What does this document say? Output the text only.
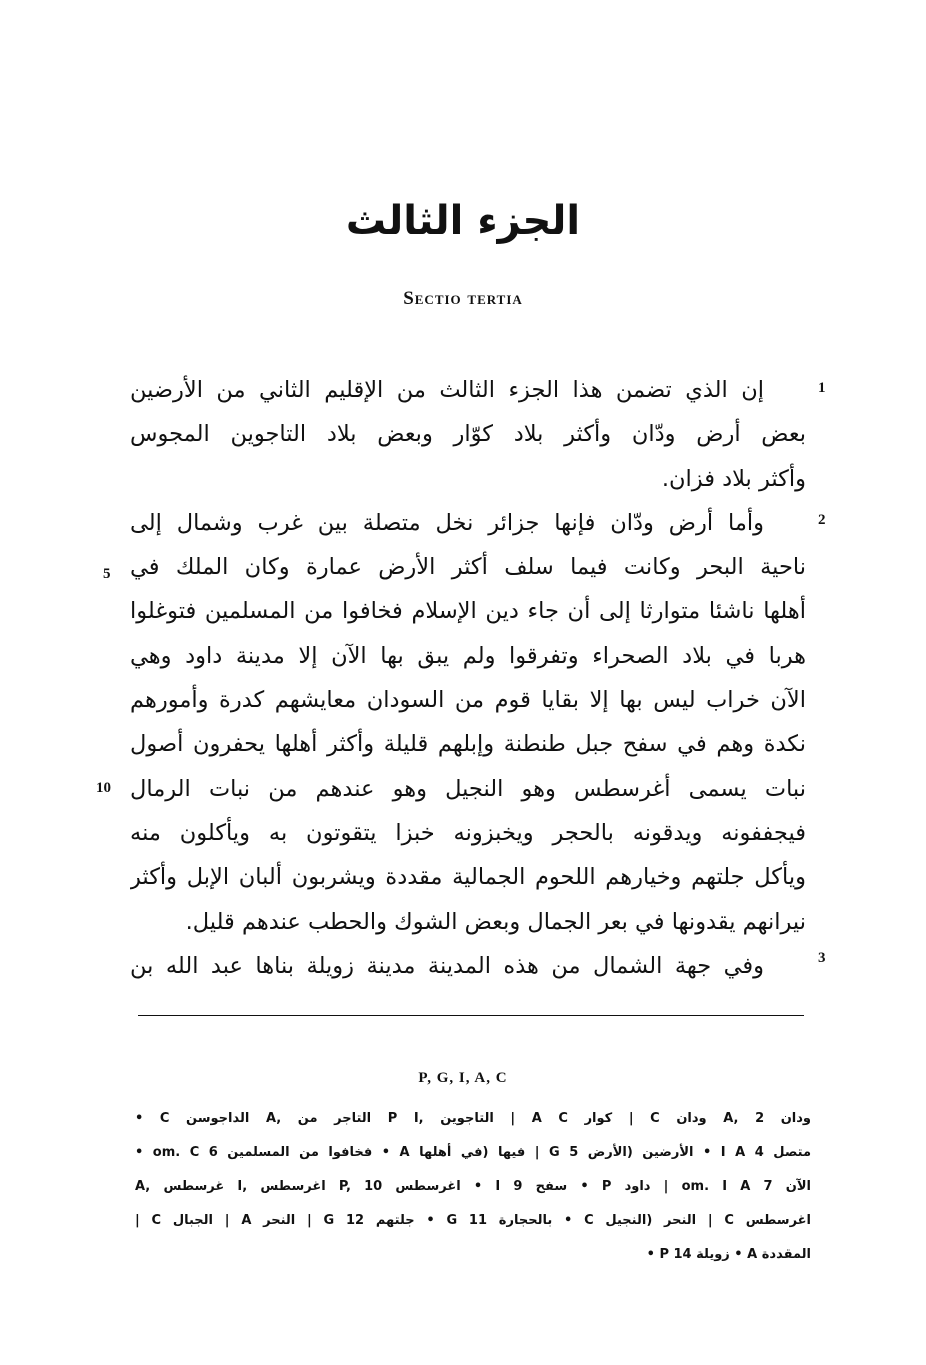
الجزء الثالث
Sectio tertia
إن الذي تضمن هذا الجزء الثالث من الإقليم الثاني من الأرضين
بعض أرض ودّان وأكثر بلاد كوّار وبعض بلاد التاجوين المجوس
وأكثر بلاد فزان.
وأما أرض ودّان فإنها جزائر نخل متصلة بين غرب وشمال إلى
ناحية البحر وكانت فيما سلف أكثر الأرض عمارة وكان الملك في
أهلها ناشئا متوارثا إلى أن جاء دين الإسلام فخافوا من المسلمين فتوغلوا
هربا في بلاد الصحراء وتفرقوا ولم يبق بها الآن إلا مدينة داود وهي
الآن خراب ليس بها إلا بقايا قوم من السودان معايشهم كدرة وأمورهم
نكدة وهم في سفح جبل طنطنة وإبلهم قليلة وأكثر أهلها يحفرون أصول
نبات يسمى أغرسطس وهو النجيل وهو عندهم من نبات الرمال
فيجففونه ويدقونه بالحجر ويخبزونه خبزا يتقوتون به ويأكلون منه
ويأكل جلتهم وخيارهم اللحوم الجمالية مقددة ويشربون ألبان الإبل وأكثر
نيرانهم يقدونها في بعر الجمال وبعض الشوك والحطب عندهم قليل.
وفي جهة الشمال من هذه المدينة مدينة زويلة بناها عبد الله بن
1
2
5
10
3
P, G, I, A, C
• C الداجوسن A, التاجر من P I, التاجوين | A C كوار | C ودان A, ودان 2
• om. C فخافوا من المسلمين 6 • A فيها (في أهلها | G الأرضين (الأرض 5 • I A متصل 4
A, غرسطس I, اغرسطس P, اغرسطس 10 • I سفح 9 • P داود | om. I A الآن 7
| C الجبال | A النحر | G جلتهم 12 • G بالحجارة 11 • C النحر (النجيل | C اغرسطس
• P زويلة 14 • A المقددة
